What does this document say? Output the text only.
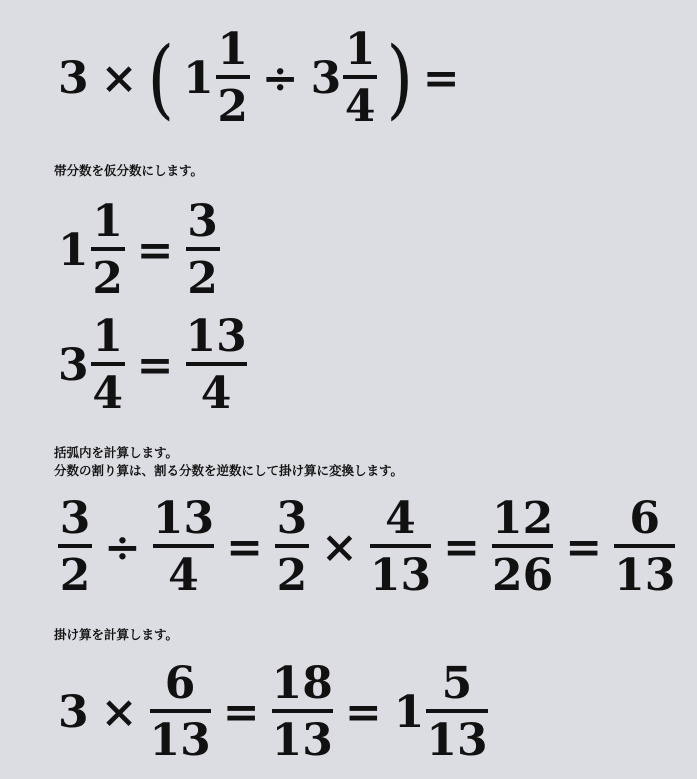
3 × ( $1 \frac{1}{2} \div 3 \frac{1}{4}$ ) =
帯分数を仮分数にします。
$1 \frac{1}{2} = \frac{3}{2}$
$3 \frac{1}{4} = \frac{13}{4}$
括弧内を計算します。
分数の割り算は、割る分数を逆数にして掛け算に変換します。
$\frac{3}{2} \div \frac{13}{4} = \frac{3}{2} \times \frac{4}{13} = \frac{12}{26} = \frac{6}{13}$
掛け算を計算します。
$3 \times \frac{6}{13} = \frac{18}{13} = 1 \frac{5}{13}$
